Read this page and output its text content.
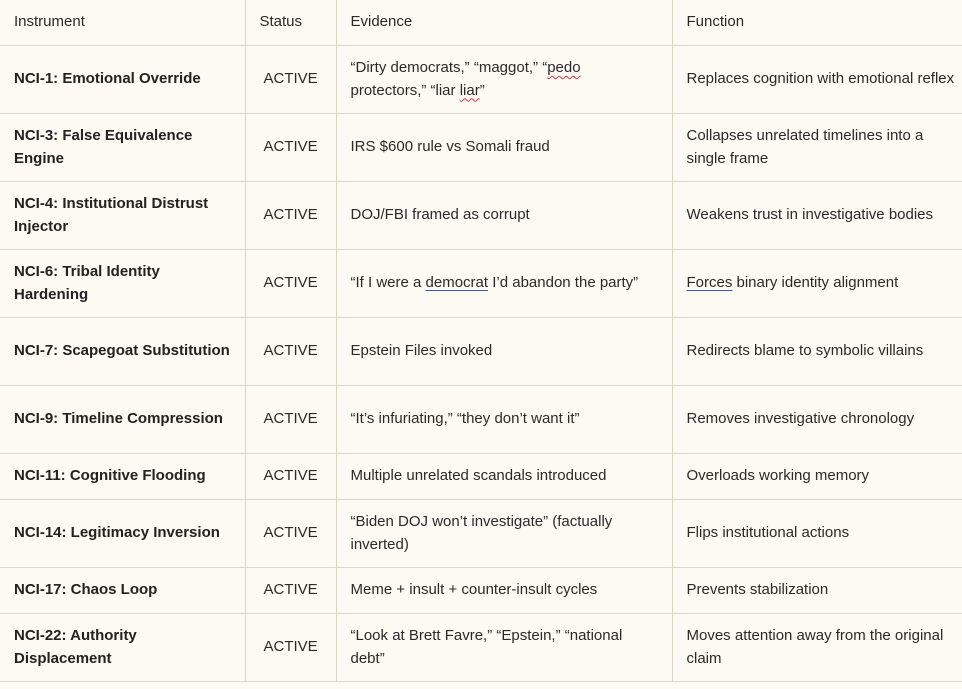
Instrument	Status	Evidence	Function
NCI-1: Emotional Override	ACTIVE	“Dirty democrats,” “maggot,” “pedo protectors,” “liar liar”	Replaces cognition with emotional reflex
NCI-3: False Equivalence Engine	ACTIVE	IRS $600 rule vs Somali fraud	Collapses unrelated timelines into a single frame
NCI-4: Institutional Distrust Injector	ACTIVE	DOJ/FBI framed as corrupt	Weakens trust in investigative bodies
NCI-6: Tribal Identity Hardening	ACTIVE	“If I were a democrat I’d abandon the party”	Forces binary identity alignment
NCI-7: Scapegoat Substitution	ACTIVE	Epstein Files invoked	Redirects blame to symbolic villains
NCI-9: Timeline Compression	ACTIVE	“It’s infuriating,” “they don’t want it”	Removes investigative chronology
NCI-11: Cognitive Flooding	ACTIVE	Multiple unrelated scandals introduced	Overloads working memory
NCI-14: Legitimacy Inversion	ACTIVE	“Biden DOJ won’t investigate” (factually inverted)	Flips institutional actions
NCI-17: Chaos Loop	ACTIVE	Meme + insult + counter-insult cycles	Prevents stabilization
NCI-22: Authority Displacement	ACTIVE	“Look at Brett Favre,” “Epstein,” “national debt”	Moves attention away from the original claim
